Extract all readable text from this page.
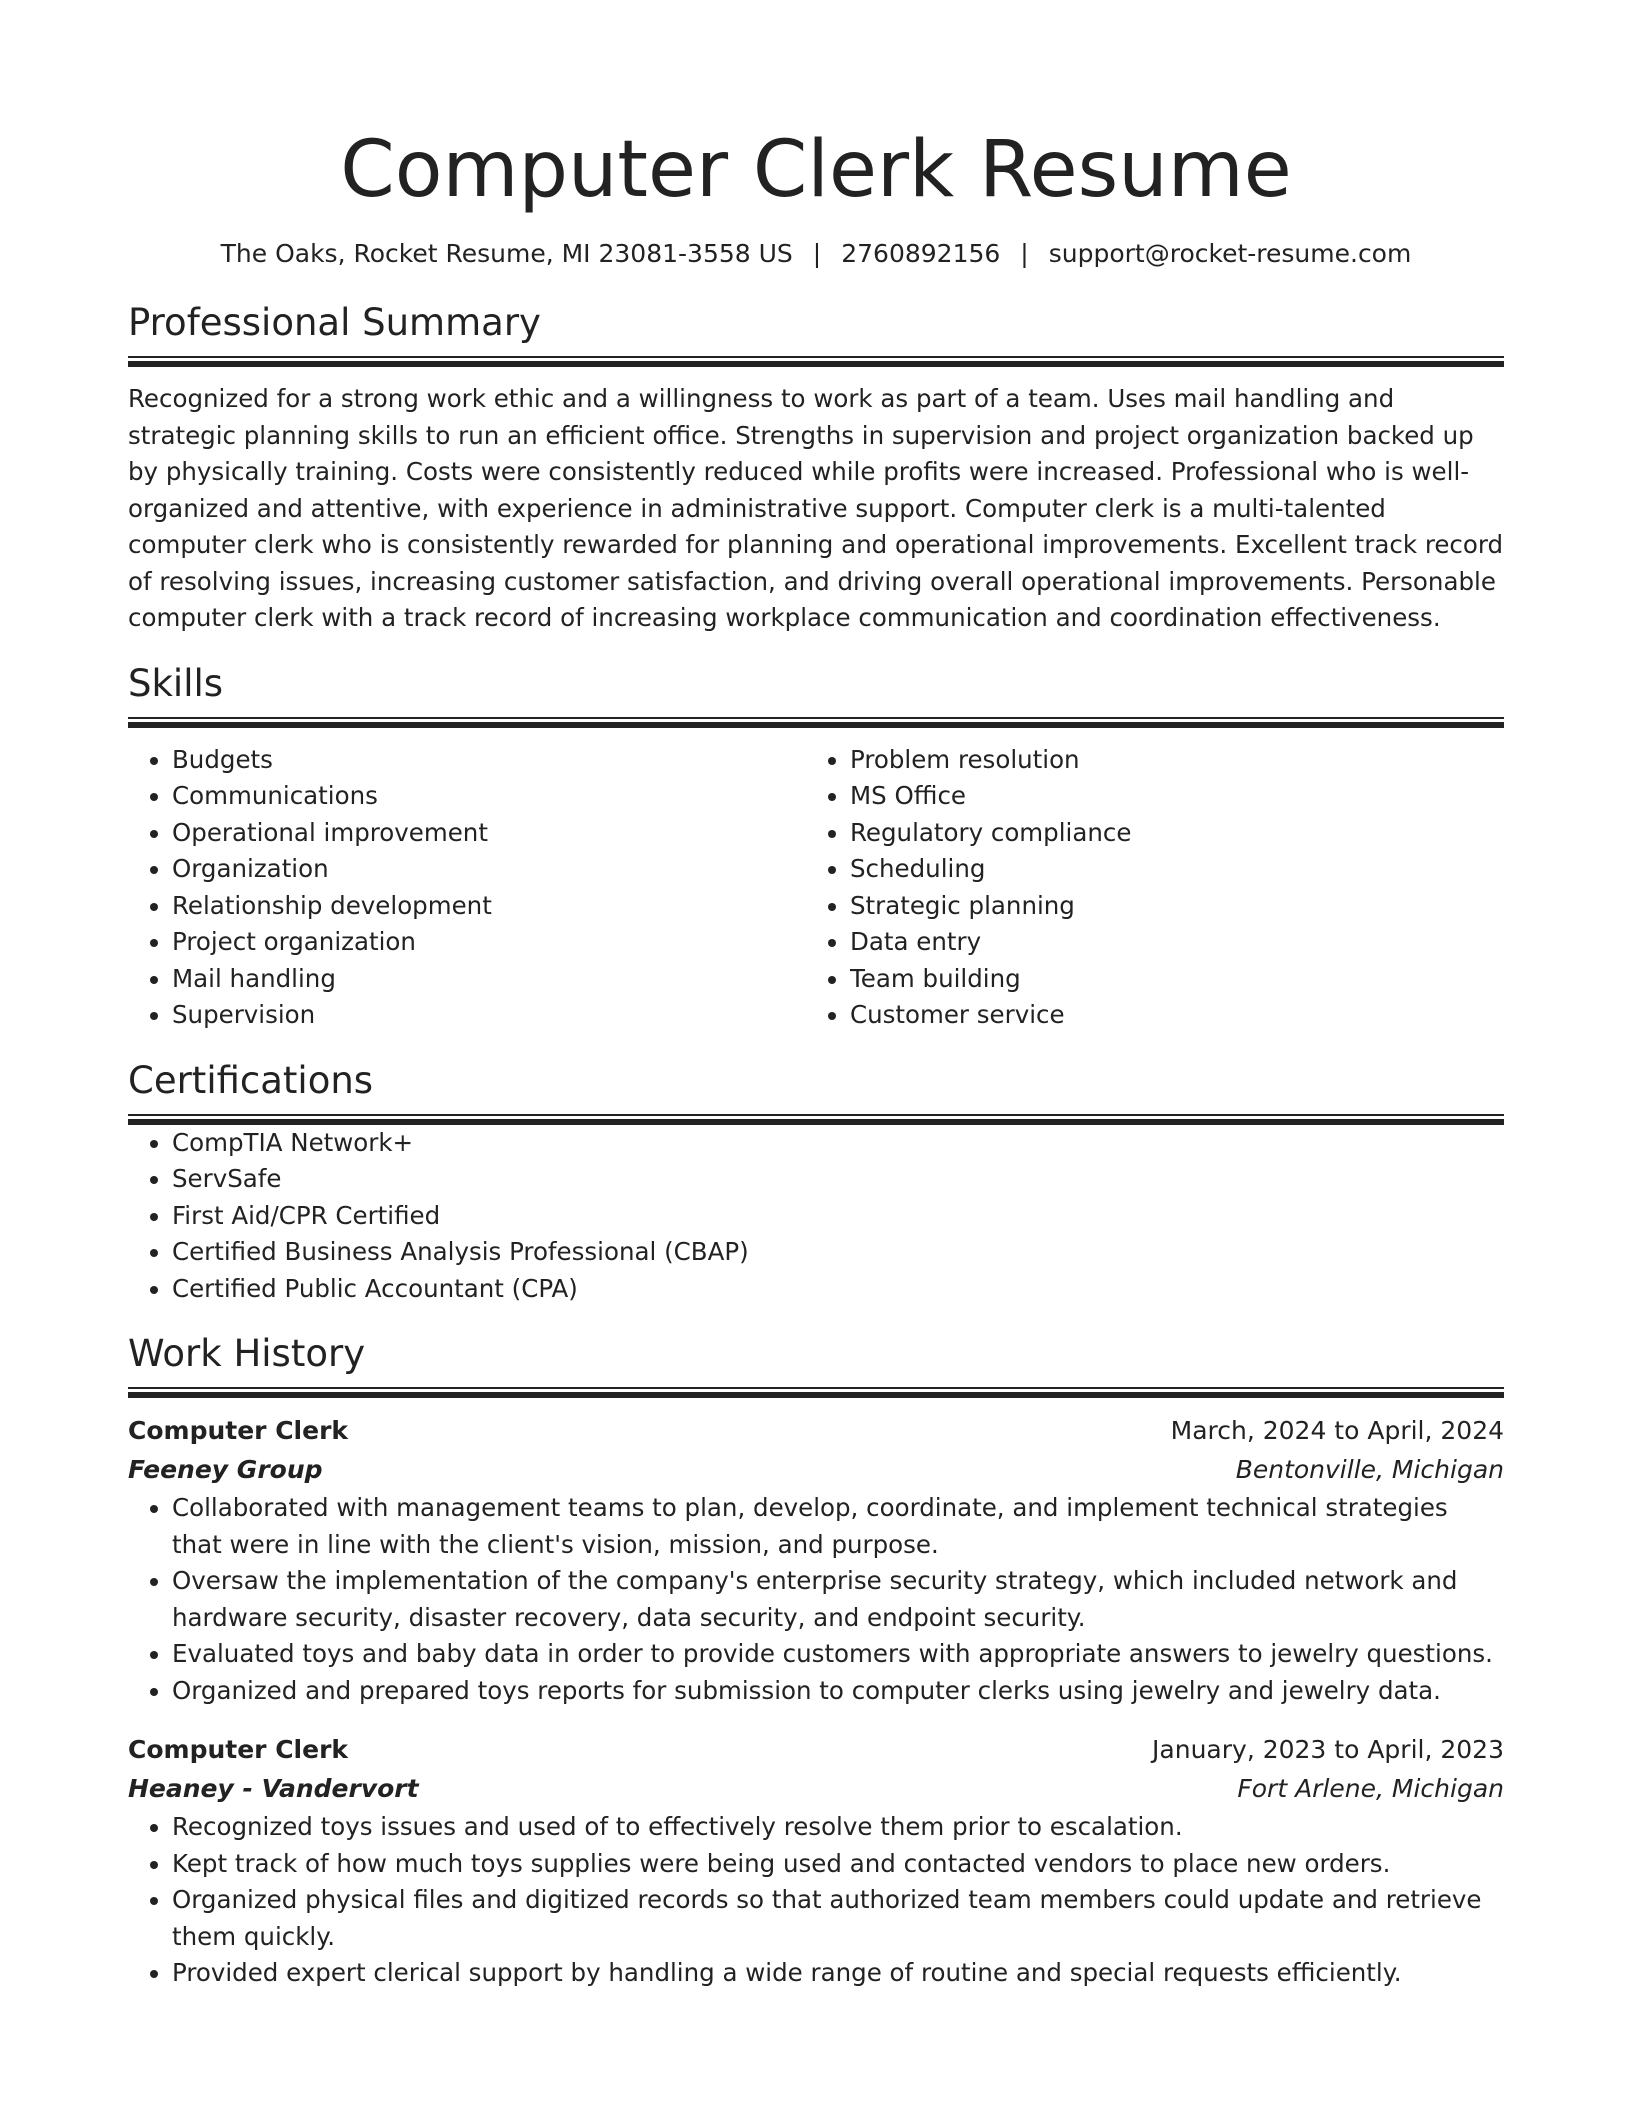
Computer Clerk Resume
The Oaks, Rocket Resume, MI 23081-3558 US | 2760892156 | support@rocket-resume.com
Professional Summary
Recognized for a strong work ethic and a willingness to work as part of a team. Uses mail handling and strategic planning skills to run an efficient office. Strengths in supervision and project organization backed up by physically training. Costs were consistently reduced while profits were increased. Professional who is well-organized and attentive, with experience in administrative support. Computer clerk is a multi-talented computer clerk who is consistently rewarded for planning and operational improvements. Excellent track record of resolving issues, increasing customer satisfaction, and driving overall operational improvements. Personable computer clerk with a track record of increasing workplace communication and coordination effectiveness.
Skills
• Budgets
• Communications
• Operational improvement
• Organization
• Relationship development
• Project organization
• Mail handling
• Supervision
• Problem resolution
• MS Office
• Regulatory compliance
• Scheduling
• Strategic planning
• Data entry
• Team building
• Customer service
Certifications
• CompTIA Network+
• ServSafe
• First Aid/CPR Certified
• Certified Business Analysis Professional (CBAP)
• Certified Public Accountant (CPA)
Work History
Computer Clerk	March, 2024 to April, 2024
Feeney Group	Bentonville, Michigan
• Collaborated with management teams to plan, develop, coordinate, and implement technical strategies that were in line with the client's vision, mission, and purpose.
• Oversaw the implementation of the company's enterprise security strategy, which included network and hardware security, disaster recovery, data security, and endpoint security.
• Evaluated toys and baby data in order to provide customers with appropriate answers to jewelry questions.
• Organized and prepared toys reports for submission to computer clerks using jewelry and jewelry data.
Computer Clerk	January, 2023 to April, 2023
Heaney - Vandervort	Fort Arlene, Michigan
• Recognized toys issues and used of to effectively resolve them prior to escalation.
• Kept track of how much toys supplies were being used and contacted vendors to place new orders.
• Organized physical files and digitized records so that authorized team members could update and retrieve them quickly.
• Provided expert clerical support by handling a wide range of routine and special requests efficiently.
